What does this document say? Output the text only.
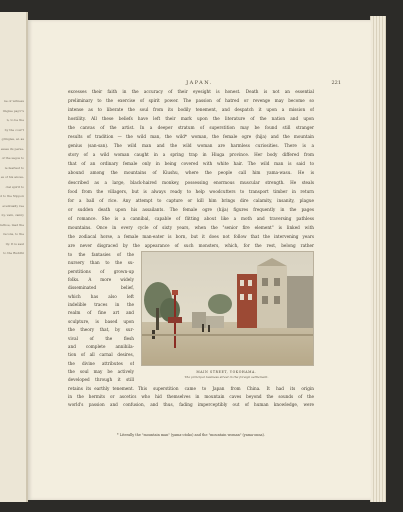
ne of witness
lingise pap'r's
n, to be the
by the cour't
gringles, al. as
esses its perse-
of the sagos to
le fearlest to
es of his ances-
cial spirit to
d to the Nippon
eventually ree
ny, vain, canny
rethoe, mad the
fecons, to the
ity. It is saul
to the Buddhi
JAPAN.	221
excesses their faith in the accuracy of their eyesight is honest. Death is not an essential
preliminary to the exercise of spirit power. The passion of hatred or revenge may become so
intense as to liberate the soul from its bodily tenement, and despatch it upon a mission of
hostility. All these beliefs have left their mark upon the literature of the nation and upon
the canvas of the artist. In a deeper stratum of superstition may be found still stranger
results of tradition — the wild man, the wild* woman, the female ogre (hija) and the mountain
genius (san-san). The wild man and the wild woman are harmless curiosities. There is a
story of a wild woman caught in a spring trap in Hiuga province. Her body differed from
that of an ordinary female only in being covered with white hair. The wild man is said to
abound among the mountains of Kiushu, where the people call him yama-wasu. He is
described as a large, black-haired monkey, possessing enormous muscular strength. He steals
food from the villagers, but is always ready to help woodcutters to transport timber in return
for a ball of rice. Any attempt to capture or kill him brings dire calamity, insanity, plague
or sudden death upon his assailants. The female ogre (hija) figures frequently in the pages
of romance. She is a cannibal, capable of flitting about like a moth and traversing pathless
mountains. Once in every cycle of sixty years, when the "senior fire element" is linked with
the zodiacal horse, a female man-eater is born, but it does not follow that the intervening years
are never disgraced by the appearance of such monsters, which, for the rest, belong rather
to the fantasies of the
nursery than to the su-
perstitions of grown-up
folks. A more widely
disseminated belief,
which has also left
indelible traces in the
realm of fine art and
sculpture, is based upon
the theory that, by sur-
vival of the flesh
and complete annihila-
tion of all carnal desires,
the divine attributes of
the soul may be actively
developed through it still
retains its earthly tenement. This superstition came to Japan from China. It had its origin
in the hermits or ascetics who hid themselves in mountain caves beyond the sounds of the
world's passion and confusion, and thus, fading imperceptibly out of human knowledge, were
MAIN STREET, YOKOHAMA.
The principal business street in the foreign settlement.
* Literally the "mountain man" (yama-otoko) and the "mountain woman" (yama-onna).
